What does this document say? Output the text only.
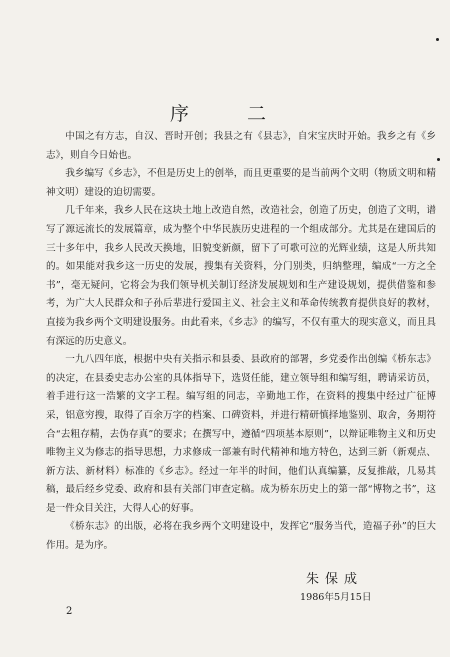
序 二

中国之有方志，自汉、晋时开创；我县之有《县志》，自宋宝庆时开始。我乡之有《乡志》，则自今日始也。

我乡编写《乡志》，不但是历史上的创举，而且更重要的是当前两个文明（物质文明和精神文明）建设的迫切需要。

几千年来，我乡人民在这块土地上改造自然，改造社会，创造了历史，创造了文明，谱写了源远流长的发展篇章，成为整个中华民族历史进程的一个组成部分。尤其是在建国后的三十多年中，我乡人民改天换地，旧貌变新颜，留下了可歌可泣的光辉业绩，这是人所共知的。如果能对我乡这一历史的发展，搜集有关资料，分门别类，归纳整理，编成“一方之全书”，毫无疑问，它将会为我们领导机关制订经济发展规划和生产建设规划，提供借鉴和参考，为广大人民群众和子孙后辈进行爱国主义、社会主义和革命传统教育提供良好的教材，直接为我乡两个文明建设服务。由此看来，《乡志》的编写，不仅有重大的现实意义，而且具有深远的历史意义。

一九八四年底，根据中央有关指示和县委、县政府的部署，乡党委作出创编《桥东志》的决定，在县委史志办公室的具体指导下，选贤任能，建立领导组和编写组，聘请采访员，着手进行这一浩繁的文字工程。编写组的同志，辛勤地工作，在资料的搜集中经过广征博采，铝意穷搜，取得了百余万字的档案、口碑资料，并进行精研慎择地鉴别、取舍，务期符合“去粗存精，去伪存真”的要求；在撰写中，遵循“四项基本原则”，以辩证唯物主义和历史唯物主义为修志的指导思想，力求修成一部兼有时代精神和地方特色，达到三新（新观点、新方法、新材料）标准的《乡志》。经过一年半的时间，他们认真编纂，反复推敲，几易其稿，最后经乡党委、政府和县有关部门审查定稿。成为桥东历史上的第一部“博物之书”，这是一件众目关注，大得人心的好事。

《桥东志》的出版，必将在我乡两个文明建设中，发挥它“服务当代，造福子孙”的巨大作用。是为序。

朱保成
1986年5月15日
2
